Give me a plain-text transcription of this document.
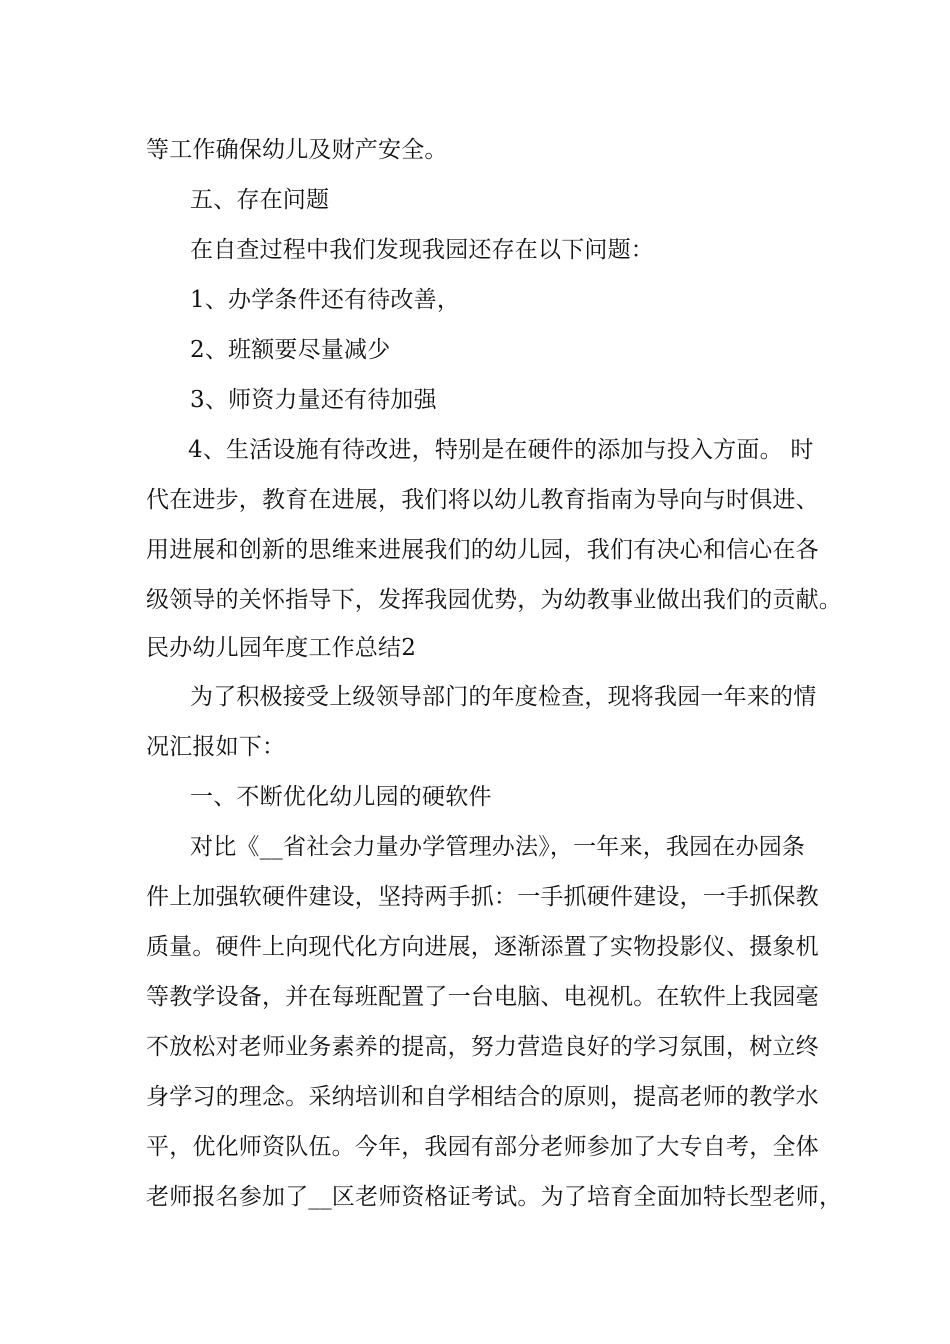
等工作确保幼儿及财产安全。
五、存在问题
在自查过程中我们发现我园还存在以下问题：
1、办学条件还有待改善，
2、班额要尽量减少
3、师资力量还有待加强
4、生活设施有待改进，特别是在硬件的添加与投入方面。 时
代在进步，教育在进展，我们将以幼儿教育指南为导向与时俱进、
用进展和创新的思维来进展我们的幼儿园，我们有决心和信心在各
级领导的关怀指导下，发挥我园优势，为幼教事业做出我们的贡献。
民办幼儿园年度工作总结2
为了积极接受上级领导部门的年度检查，现将我园一年来的情
况汇报如下：
一、不断优化幼儿园的硬软件
对比《__省社会力量办学管理办法》，一年来，我园在办园条
件上加强软硬件建设，坚持两手抓：一手抓硬件建设，一手抓保教
质量。硬件上向现代化方向进展，逐渐添置了实物投影仪、摄象机
等教学设备，并在每班配置了一台电脑、电视机。在软件上我园毫
不放松对老师业务素养的提高，努力营造良好的学习氛围，树立终
身学习的理念。采纳培训和自学相结合的原则，提高老师的教学水
平，优化师资队伍。今年，我园有部分老师参加了大专自考，全体
老师报名参加了__区老师资格证考试。为了培育全面加特长型老师，
